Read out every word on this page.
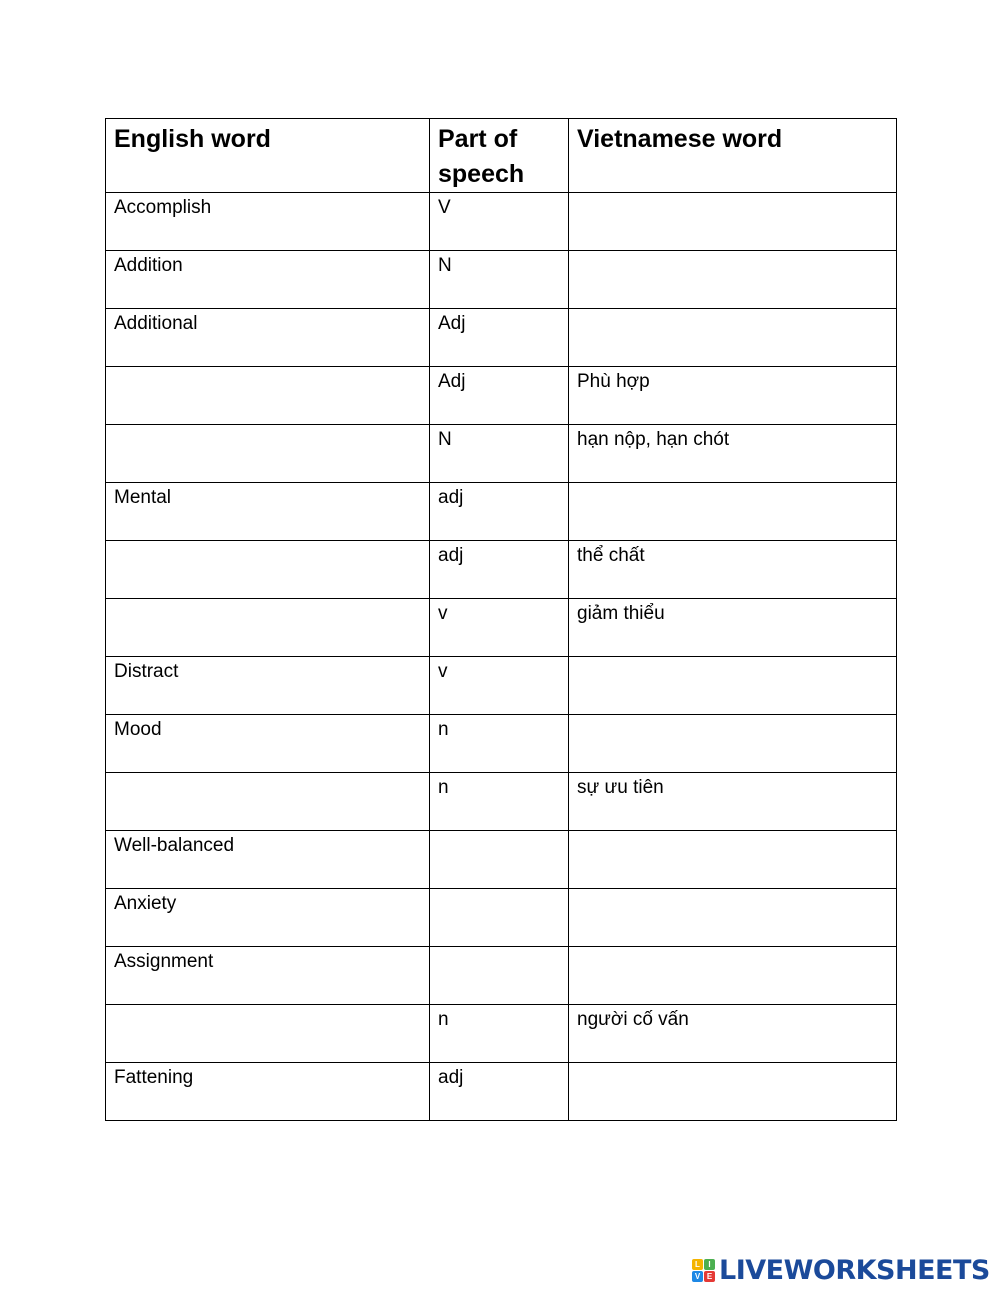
English word	Part of speech	Vietnamese word
Accomplish	V	
Addition	N	
Additional	Adj	
	Adj	Phù hợp
	N	hạn nộp, hạn chót
Mental	adj	
	adj	thể chất
	v	giảm thiểu
Distract	v	
Mood	n	
	n	sự ưu tiên
Well-balanced		
Anxiety		
Assignment		
	n	người cố vấn
Fattening	adj	
L	I
V E LIVEWORKSHEETS
